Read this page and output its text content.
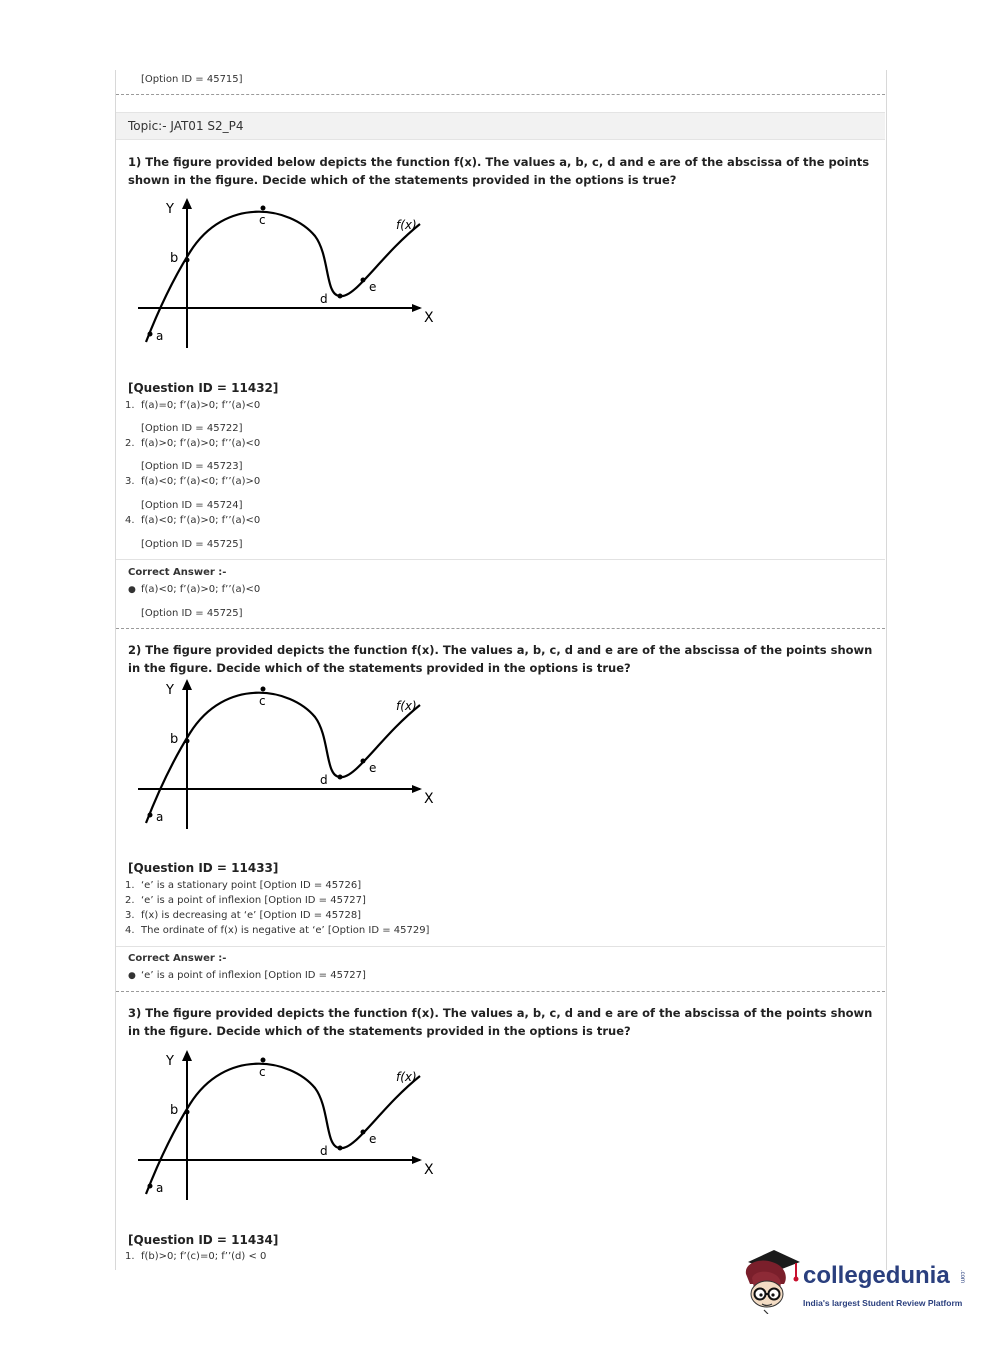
[Option ID = 45715]
Topic:- JAT01 S2_P4
1) The figure provided below depicts the function f(x). The values a, b, c, d and e are of the abscissa of the points shown in the figure. Decide which of the statements provided in the options is true?
Y
X
a
b
c
d
e
f(x)
[Question ID = 11432]
1. f(a)=0; f’(a)>0; f’’(a)<0
[Option ID = 45722]
2. f(a)>0; f’(a)>0; f’’(a)<0
[Option ID = 45723]
3. f(a)<0; f’(a)<0; f’’(a)>0
[Option ID = 45724]
4. f(a)<0; f’(a)>0; f’’(a)<0
[Option ID = 45725]
Correct Answer :-
● f(a)<0; f’(a)>0; f’’(a)<0
[Option ID = 45725]
2) The figure provided depicts the function f(x). The values a, b, c, d and e are of the abscissa of the points shown in the figure. Decide which of the statements provided in the options is true?
Y
X
a
b
c
d
e
f(x)
[Question ID = 11433]
1. ‘e’ is a stationary point [Option ID = 45726]
2. ‘e’ is a point of inflexion [Option ID = 45727]
3. f(x) is decreasing at ‘e’ [Option ID = 45728]
4. The ordinate of f(x) is negative at ‘e’ [Option ID = 45729]
Correct Answer :-
● ‘e’ is a point of inflexion [Option ID = 45727]
3) The figure provided depicts the function f(x). The values a, b, c, d and e are of the abscissa of the points shown in the figure. Decide which of the statements provided in the options is true?
Y
X
a
b
c
d
e
f(x)
[Question ID = 11434]
1. f(b)>0; f’(c)=0; f’’(d) < 0
collegedunia .com
India's largest Student Review Platform
